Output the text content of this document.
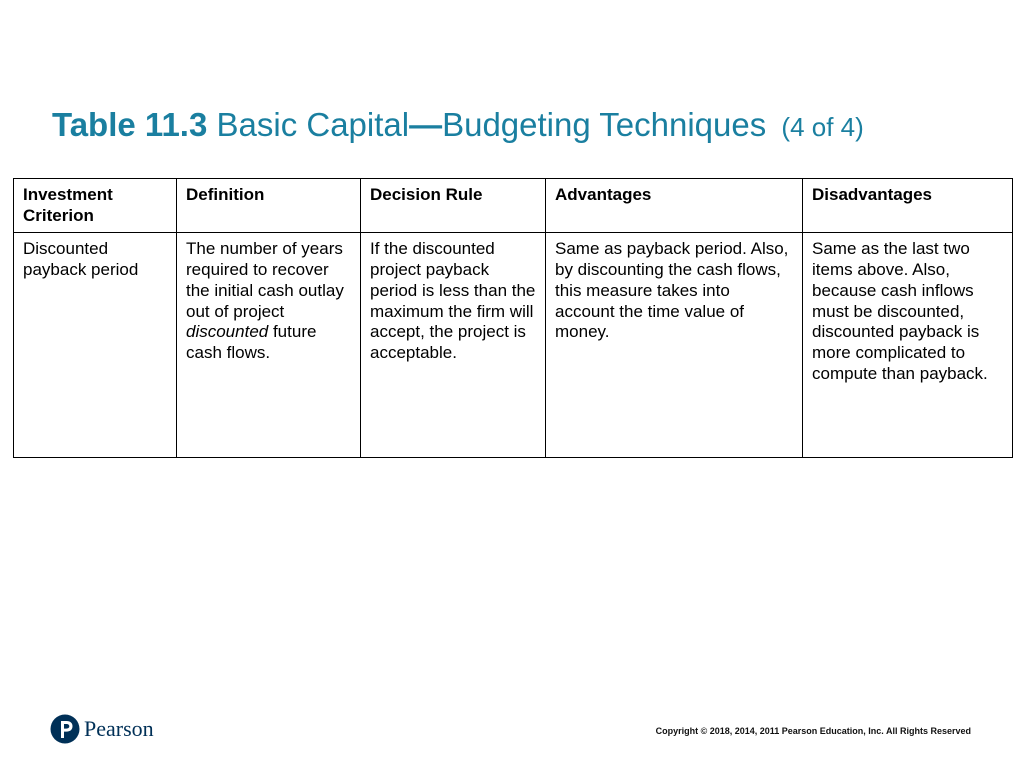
Table 11.3 Basic Capital—Budgeting Techniques (4 of 4)
Investment Criterion	Definition	Decision Rule	Advantages	Disadvantages
Discounted payback period	The number of years required to recover the initial cash outlay out of project discounted future cash flows.	If the discounted project payback period is less than the maximum the firm will accept, the project is acceptable.	Same as payback period. Also, by discounting the cash flows, this measure takes into account the time value of money.	Same as the last two items above. Also, because cash inflows must be discounted, discounted payback is more complicated to compute than payback.
Pearson	Copyright © 2018, 2014, 2011 Pearson Education, Inc. All Rights Reserved
